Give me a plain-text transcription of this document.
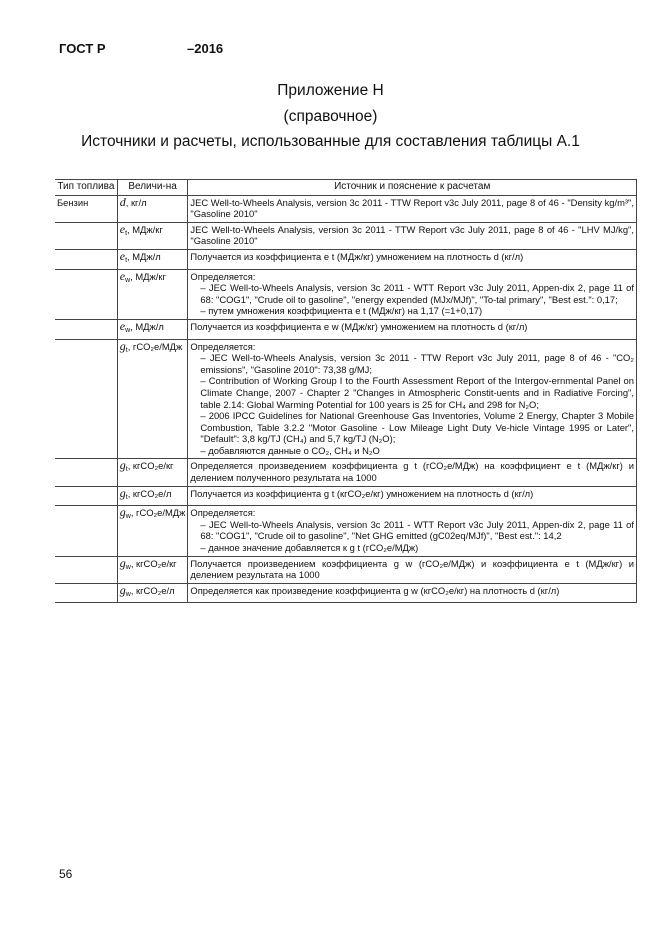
ГОСТ Р	–2016
Приложение Н
(справочное)
Источники и расчеты, использованные для составления таблицы А.1
Тип топлива	Величи-на	Источник и пояснение к расчетам
Бензин	d, кг/л	JEC Well-to-Wheels Analysis, version 3c 2011 - TTW Report v3c July 2011, page 8 of 46 - "Density kg/m³", "Gasoline 2010"

	$e_t$, МДж/кг	JEC Well-to-Wheels Analysis, version 3c 2011 - TTW Report v3c July 2011, page 8 of 46 - "LHV MJ/kg", "Gasoline 2010"

	$e_t$, МДж/л	Получается из коэффициента e t (МДж/кг) умножением на плотность d (кг/л)

	$e_w$, МДж/кг	Определяется:
– JEC Well-to-Wheels Analysis, version 3c 2011 - WTT Report v3c July 2011, Appen-dix 2, page 11 of 68: "COG1", "Crude oil to gasoline", "energy expended (MJx/MJf)", "To-tal primary", "Best est.": 0,17;
– путем умножения коэффициента e t (МДж/кг) на 1,17 (=1+0,17)

	$e_w$, МДж/л	Получается из коэффициента e w (МДж/кг) умножением на плотность d (кг/л)

	$g_t$, гCO₂е/МДж	Определяется:
– JEC Well-to-Wheels Analysis, version 3c 2011 - TTW Report v3c July 2011, page 8 of 46 - "CO₂ emissions", "Gasoline 2010": 73,38 g/MJ;
– Contribution of Working Group I to the Fourth Assessment Report of the Intergov-ernmental Panel on Climate Change, 2007 - Chapter 2 "Changes in Atmospheric Constit-uents and in Radiative Forcing", table 2.14: Global Warming Potential for 100 years is 25 for CH₄ and 298 for N₂O;
– 2006 IPCC Guidelines for National Greenhouse Gas Inventories, Volume 2 Energy, Chapter 3 Mobile Combustion, Table 3.2.2 "Motor Gasoline - Low Mileage Light Duty Ve-hicle Vintage 1995 or Later", "Default": 3,8 kg/TJ (CH₄) and 5,7 kg/TJ (N₂O);
– добавляются данные о CO₂, CH₄ и N₂O

	$g_t$, кгCO₂е/кг	Определяется произведением коэффициента g t (гCO₂е/МДж) на коэффициент e t (МДж/кг) и делением полученного результата на 1000

	$g_t$, кгCO₂е/л	Получается из коэффициента g t (кгCO₂е/кг) умножением на плотность d (кг/л)

	$g_w$, гCO₂е/МДж	Определяется:
– JEC Well-to-Wheels Analysis, version 3c 2011 - WTT Report v3c July 2011, Appen-dix 2, page 11 of 68: "COG1", "Crude oil to gasoline", "Net GHG emitted (gC02eq/MJf)", "Best est.": 14,2
– данное значение добавляется к g t (гCO₂е/МДж)

	$g_w$, кгCO₂е/кг	Получается произведением коэффициента g w (гCO₂е/МДж) и коэффициента e t (МДж/кг) и делением результата на 1000

	$g_w$, кгCO₂е/л	Определяется как произведение коэффициента g w (кгCO₂е/кг) на плотность d (кг/л)
56
